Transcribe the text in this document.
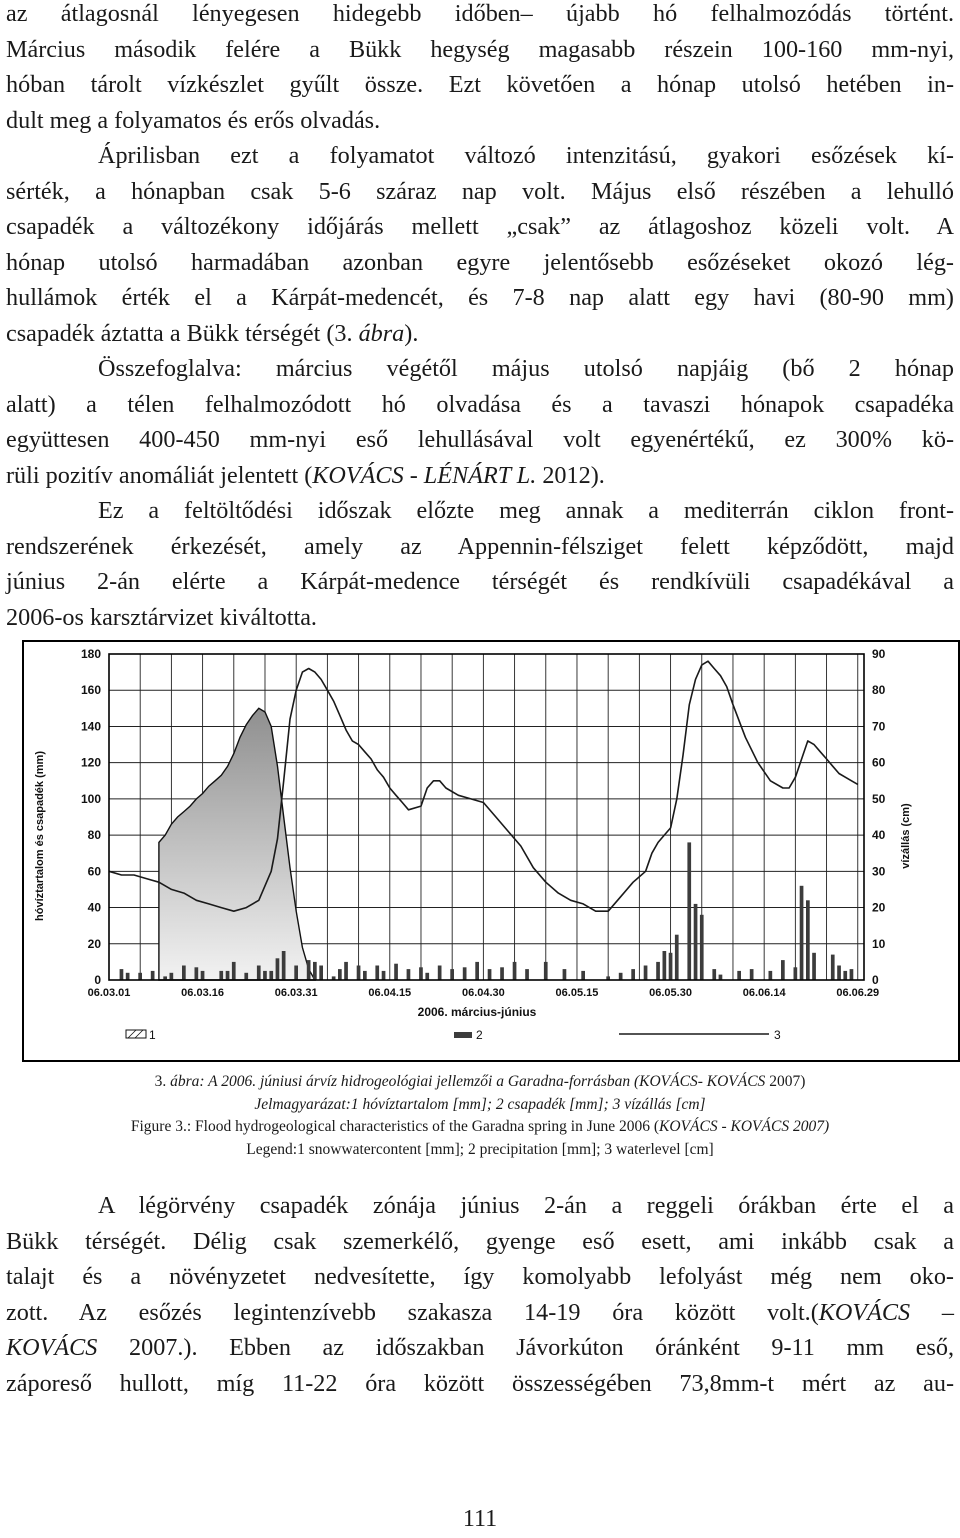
az átlagosnál lényegesen hidegebb időben– újabb hó felhalmozódás történt.
Március második felére a Bükk hegység magasabb részein 100-160 mm-nyi,
hóban tárolt vízkészlet gyűlt össze. Ezt követően a hónap utolsó hetében in-
dult meg a folyamatos és erős olvadás.
Áprilisban ezt a folyamatot változó intenzitású, gyakori esőzések kí-
sérték, a hónapban csak 5-6 száraz nap volt. Május első részében a lehulló
csapadék a változékony időjárás mellett „csak” az átlagoshoz közeli volt. A
hónap utolsó harmadában azonban egyre jelentősebb esőzéseket okozó lég-
hullámok érték el a Kárpát-medencét, és 7-8 nap alatt egy havi (80-90 mm)
csapadék áztatta a Bükk térségét (3. ábra).
Összefoglalva: március végétől május utolsó napjáig (bő 2 hónap
alatt) a télen felhalmozódott hó olvadása és a tavaszi hónapok csapadéka
együttesen 400-450 mm-nyi eső lehullásával volt egyenértékű, ez 300% kö-
rüli pozitív anomáliát jelentett (KOVÁCS - LÉNÁRT L. 2012).
Ez a feltöltődési időszak előzte meg annak a mediterrán ciklon front-
rendszerének érkezését, amely az Appennin-félsziget felett képződött, majd
június 2-án elérte a Kárpát-medence térségét és rendkívüli csapadékával a
2006-os karsztárvizet kiváltotta.
0	0
20	10
40	20
60	30
80	40
100	50
120	60
140	70
160	80
180	90
06.03.01	06.03.16	06.03.31	06.04.15	06.04.30	06.05.15	06.05.30	06.06.14	06.06.29
hóvíztartalom és csapadék (mm)	vízállás (cm)
2006. március-június
1	2	3
3. ábra: A 2006. júniusi árvíz hidrogeológiai jellemzői a Garadna-forrásban (KOVÁCS- KOVÁCS 2007)
Jelmagyarázat:1 hóvíztartalom [mm]; 2 csapadék [mm]; 3 vízállás [cm]
Figure 3.: Flood hydrogeological characteristics of the Garadna spring in June 2006 (KOVÁCS - KOVÁCS 2007)
Legend:1 snowwatercontent [mm]; 2 precipitation [mm]; 3 waterlevel [cm]
A légörvény csapadék zónája június 2-án a reggeli órákban érte el a
Bükk térségét. Délig csak szemerkélő, gyenge eső esett, ami inkább csak a
talajt és a növényzetet nedvesítette, így komolyabb lefolyást még nem oko-
zott. Az esőzés legintenzívebb szakasza 14-19 óra között volt.(KOVÁCS –
KOVÁCS 2007.). Ebben az időszakban Jávorkúton óránként 9-11 mm eső,
záporeső hullott, míg 11-22 óra között összességében 73,8mm-t mért az au-
111
